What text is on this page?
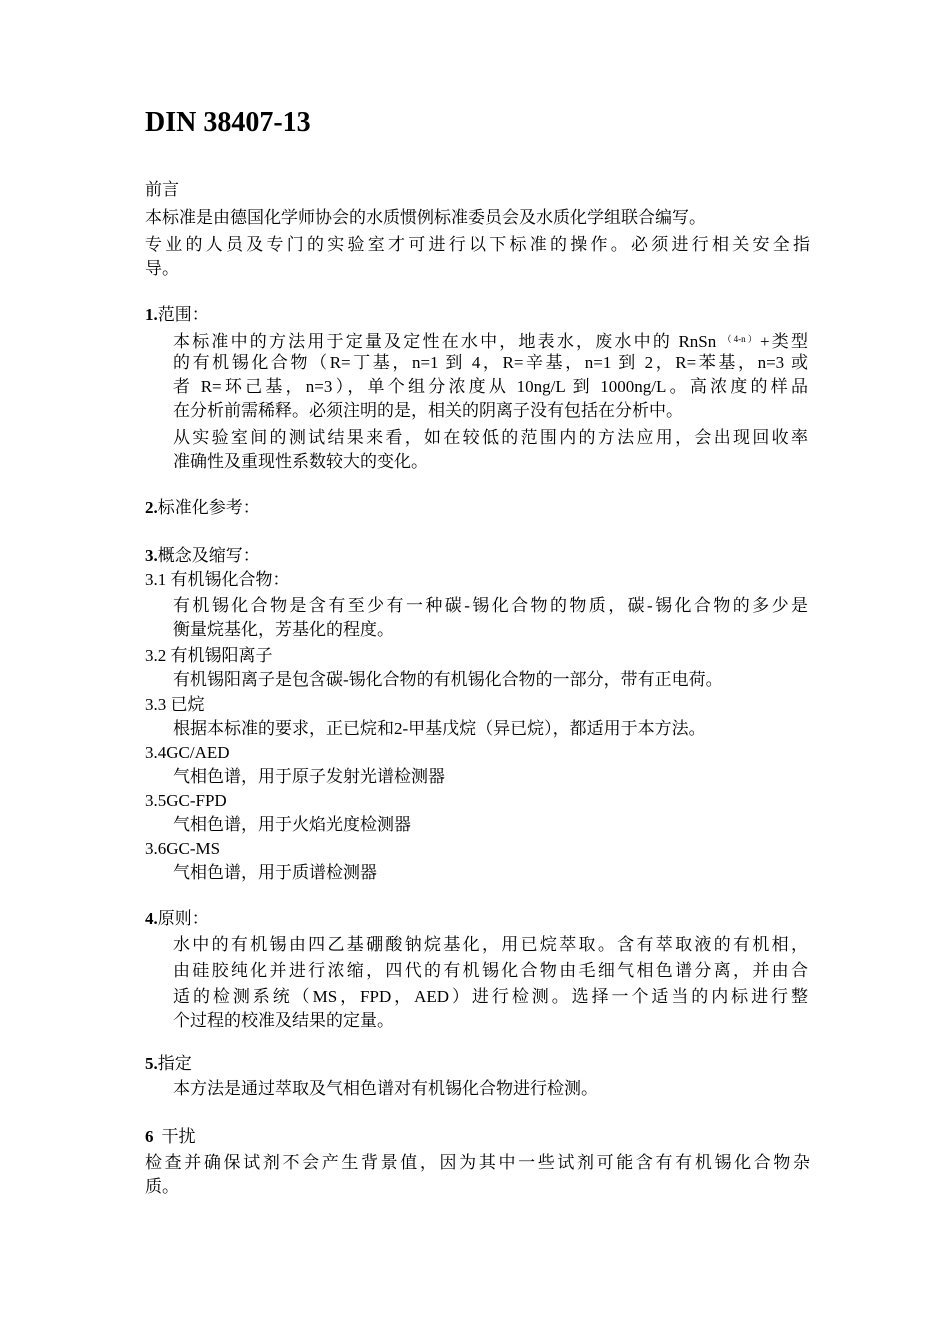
DIN 38407-13
前言
本标准是由德国化学师协会的水质惯例标准委员会及水质化学组联合编写。
专业的人员及专门的实验室才可进行以下标准的操作。必须进行相关安全指
导。
1.范围：
本标准中的方法用于定量及定性在水中，地表水，废水中的 RnSn $^{(4-n)}$+类型
的有机锡化合物（R=丁基，n=1 到 4，R=辛基，n=1 到 2，R=苯基，n=3 或
者 R=环己基，n=3），单个组分浓度从 10ng/L 到 1000ng/L。高浓度的样品
在分析前需稀释。必须注明的是，相关的阴离子没有包括在分析中。
从实验室间的测试结果来看，如在较低的范围内的方法应用，会出现回收率
准确性及重现性系数较大的变化。
2.标准化参考：
3.概念及缩写：
3.1 有机锡化合物：
有机锡化合物是含有至少有一种碳-锡化合物的物质，碳-锡化合物的多少是
衡量烷基化，芳基化的程度。
3.2 有机锡阳离子
有机锡阳离子是包含碳-锡化合物的有机锡化合物的一部分，带有正电荷。
3.3 已烷
根据本标准的要求，正已烷和2-甲基戊烷（异已烷），都适用于本方法。
3.4GC/AED
气相色谱，用于原子发射光谱检测器
3.5GC-FPD
气相色谱，用于火焰光度检测器
3.6GC-MS
气相色谱，用于质谱检测器
4.原则：
水中的有机锡由四乙基硼酸钠烷基化，用已烷萃取。含有萃取液的有机相，
由硅胶纯化并进行浓缩，四代的有机锡化合物由毛细气相色谱分离，并由合
适的检测系统（MS，FPD，AED）进行检测。选择一个适当的内标进行整
个过程的校准及结果的定量。
5.指定
本方法是通过萃取及气相色谱对有机锡化合物进行检测。
6 干扰
检查并确保试剂不会产生背景值，因为其中一些试剂可能含有有机锡化合物杂
质。
